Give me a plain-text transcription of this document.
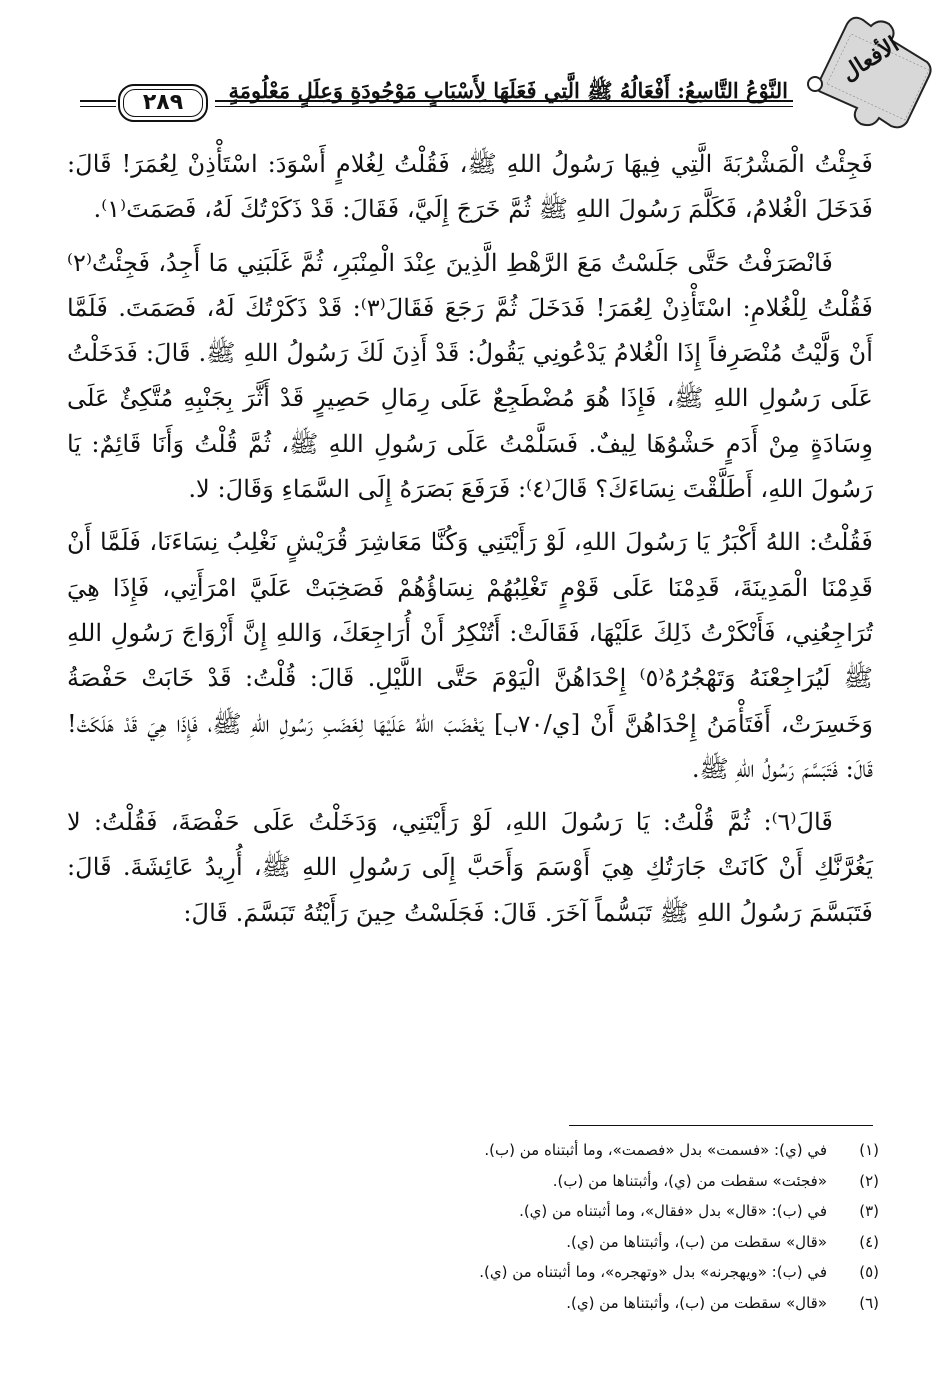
الأفعال
النَّوْعُ التَّاسِعُ: أَفْعَالُهُ ﷺ الَّتِي فَعَلَهَا لِأَسْبَابٍ مَوْجُودَةٍ وَعِلَلٍ مَعْلُومَةٍ
٢٨٩

فَجِئْتُ الْمَشْرُبَةَ الَّتِي فِيهَا رَسُولُ اللهِ ﷺ، فَقُلْتُ لِغُلامٍ أَسْوَدَ: اسْتَأْذِنْ لِعُمَرَ! قَالَ: فَدَخَلَ الْغُلامُ، فَكَلَّمَ رَسُولَ اللهِ ﷺ ثُمَّ خَرَجَ إِلَيَّ، فَقَالَ: قَدْ ذَكَرْتُكَ لَهُ، فَصَمَتَ⁽١⁾.

فَانْصَرَفْتُ حَتَّى جَلَسْتُ مَعَ الرَّهْطِ الَّذِينَ عِنْدَ الْمِنْبَرِ، ثُمَّ غَلَبَنِي مَا أَجِدُ، فَجِئْتُ⁽٢⁾ فَقُلْتُ لِلْغُلامِ: اسْتَأْذِنْ لِعُمَرَ! فَدَخَلَ ثُمَّ رَجَعَ فَقَالَ⁽٣⁾: قَدْ ذَكَرْتُكَ لَهُ، فَصَمَتَ. فَلَمَّا أَنْ وَلَّيْتُ مُنْصَرِفاً إِذَا الْغُلامُ يَدْعُونِي يَقُولُ: قَدْ أَذِنَ لَكَ رَسُولُ اللهِ ﷺ. قَالَ: فَدَخَلْتُ عَلَى رَسُولِ اللهِ ﷺ، فَإِذَا هُوَ مُضْطَجِعٌ عَلَى رِمَالِ حَصِيرٍ قَدْ أَثَّرَ بِجَنْبِهِ مُتَّكِئٌ عَلَى وِسَادَةٍ مِنْ أَدَمٍ حَشْوُهَا لِيفٌ. فَسَلَّمْتُ عَلَى رَسُولِ اللهِ ﷺ، ثُمَّ قُلْتُ وَأَنَا قَائِمٌ: يَا رَسُولَ اللهِ، أَطَلَّقْتَ نِسَاءَكَ؟ قَالَ⁽٤⁾: فَرَفَعَ بَصَرَهُ إِلَى السَّمَاءِ وَقَالَ: لا.

فَقُلْتُ: اللهُ أَكْبَرُ يَا رَسُولَ اللهِ، لَوْ رَأَيْتَنِي وَكُنَّا مَعَاشِرَ قُرَيْشٍ نَغْلِبُ نِسَاءَنَا، فَلَمَّا أَنْ قَدِمْنَا الْمَدِينَةَ، قَدِمْنَا عَلَى قَوْمٍ تَغْلِبُهُمْ نِسَاؤُهُمْ فَصَخِبَتْ عَلَيَّ امْرَأَتِي، فَإِذَا هِيَ تُرَاجِعُنِي، فَأَنْكَرْتُ ذَلِكَ عَلَيْهَا، فَقَالَتْ: أَتُنْكِرُ أَنْ أُرَاجِعَكَ، وَاللهِ إِنَّ أَزْوَاجَ رَسُولِ اللهِ ﷺ لَيُرَاجِعْنَهُ وَتَهْجُرُهُ⁽٥⁾ إِحْدَاهُنَّ الْيَوْمَ حَتَّى اللَّيْلِ. قَالَ: قُلْتُ: قَدْ خَابَتْ حَفْصَةُ وَخَسِرَتْ، أَفَتَأْمَنُ إِحْدَاهُنَّ أَنْ [ي/٧٠ب] يَغْضَبَ اللهُ عَلَيْهَا لِغَضَبِ رَسُولِ اللهِ ﷺ، فَإِذَا هِيَ قَدْ هَلَكَتْ! قَالَ: فَتَبَسَّمَ رَسُولُ اللهِ ﷺ.

قَالَ⁽٦⁾: ثُمَّ قُلْتُ: يَا رَسُولَ اللهِ، لَوْ رَأَيْتَنِي، وَدَخَلْتُ عَلَى حَفْصَةَ، فَقُلْتُ: لا يَغُرَّنَّكِ أَنْ كَانَتْ جَارَتُكِ هِيَ أَوْسَمَ وَأَحَبَّ إِلَى رَسُولِ اللهِ ﷺ، أُرِيدُ عَائِشَةَ. قَالَ: فَتَبَسَّمَ رَسُولُ اللهِ ﷺ تَبَسُّماً آخَرَ. قَالَ: فَجَلَسْتُ حِينَ رَأَيْتُهُ تَبَسَّمَ. قَالَ:

(١)
في (ي): «فسمت» بدل «فصمت»، وما أثبتناه من (ب).
(٢)
«فجئت» سقطت من (ي)، وأثبتناها من (ب).
(٣)
في (ب): «قال» بدل «فقال»، وما أثبتناه من (ي).
(٤)
«قال» سقطت من (ب)، وأثبتناها من (ي).
(٥)
في (ب): «ويهجرنه» بدل «وتهجره»، وما أثبتناه من (ي).
(٦)
«قال» سقطت من (ب)، وأثبتناها من (ي).
